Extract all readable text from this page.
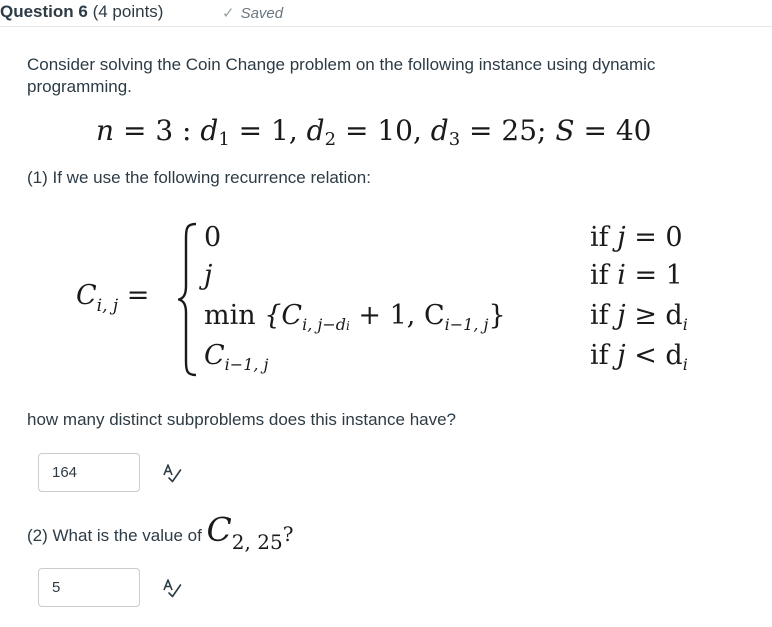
Question 6 (4 points)	✓ Saved
Consider solving the Coin Change problem on the following instance using dynamic programming.
n = 3 : $d_1 = 1$, $d_2 = 10$, $d_3 = 25$; S = 40
(1) If we use the following recurrence relation:
$C_{i, j}$ =
0
j
$\min \{C_{i, j-di} + 1$, $C_{i-1, j}$}
$C_{i-1, j}$
if j = 0
if i = 1
if $j \ge d_i$
if $j < d_i$
how many distinct subproblems does this instance have?
164
(2) What is the value of C2, 25?
5
